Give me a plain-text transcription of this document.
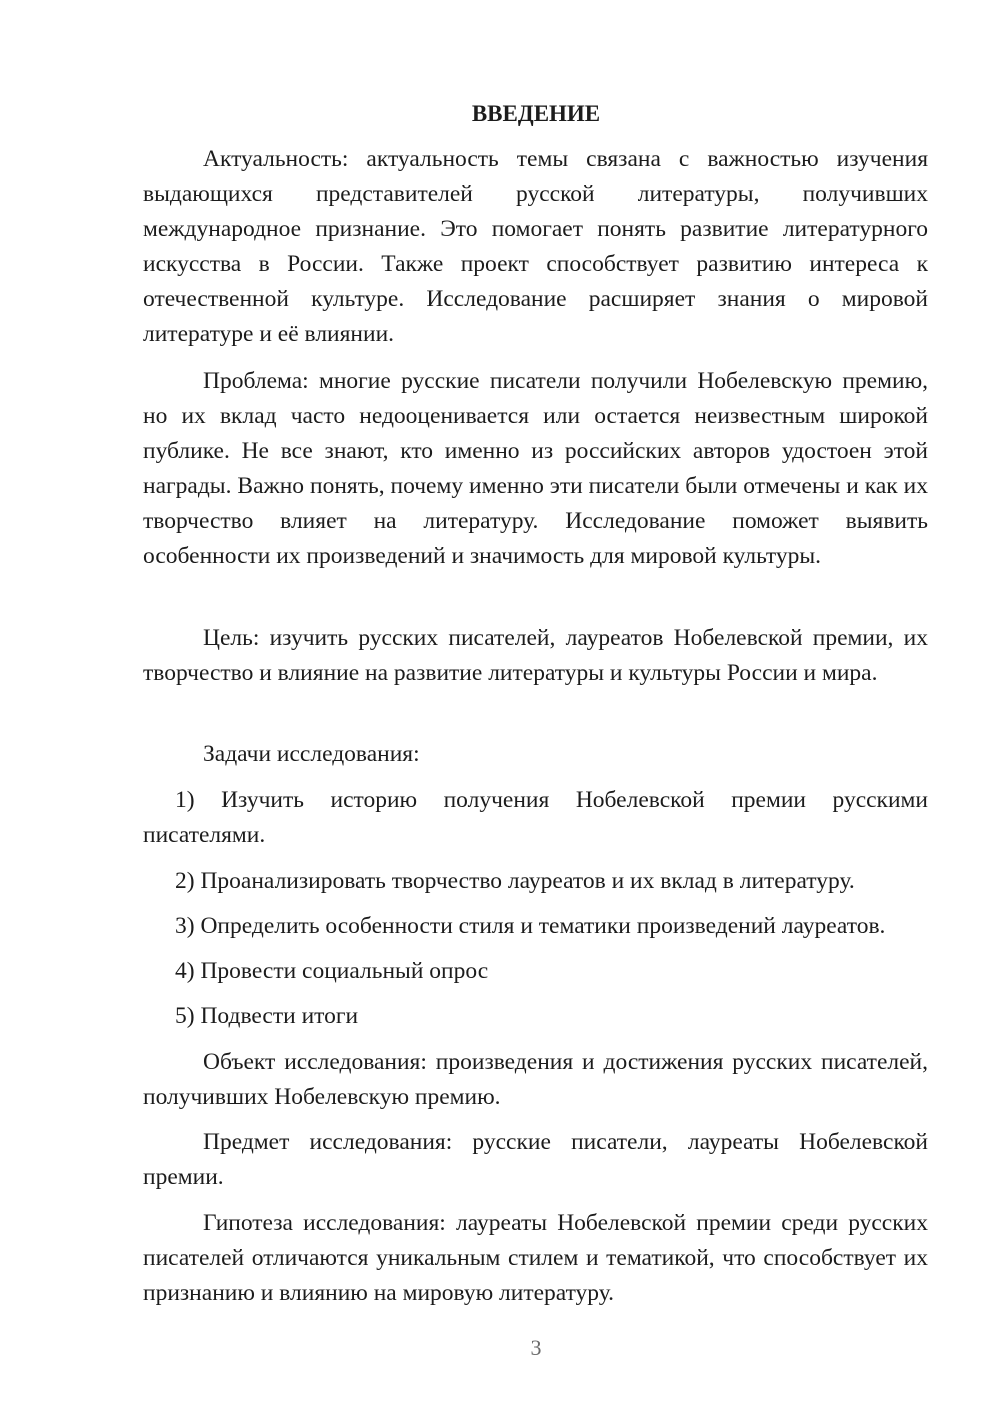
ВВЕДЕНИЕ

Актуальность: актуальность темы связана с важностью изучения выдающихся представителей русской литературы, получивших международное признание. Это помогает понять развитие литературного искусства в России. Также проект способствует развитию интереса к отечественной культуре. Исследование расширяет знания о мировой литературе и её влиянии.

Проблема: многие русские писатели получили Нобелевскую премию, но их вклад часто недооценивается или остается неизвестным широкой публике. Не все знают, кто именно из российских авторов удостоен этой награды. Важно понять, почему именно эти писатели были отмечены и как их творчество влияет на литературу. Исследование поможет выявить особенности их произведений и значимость для мировой культуры.

Цель: изучить русских писателей, лауреатов Нобелевской премии, их творчество и влияние на развитие литературы и культуры России и мира.

Задачи исследования:

1) Изучить историю получения Нобелевской премии русскими писателями.

2) Проанализировать творчество лауреатов и их вклад в литературу.

3) Определить особенности стиля и тематики произведений лауреатов.

4) Провести социальный опрос

5) Подвести итоги

Объект исследования: произведения и достижения русских писателей, получивших Нобелевскую премию.

Предмет исследования: русские писатели, лауреаты Нобелевской премии.

Гипотеза исследования: лауреаты Нобелевской премии среди русских писателей отличаются уникальным стилем и тематикой, что способствует их признанию и влиянию на мировую литературу.

3
